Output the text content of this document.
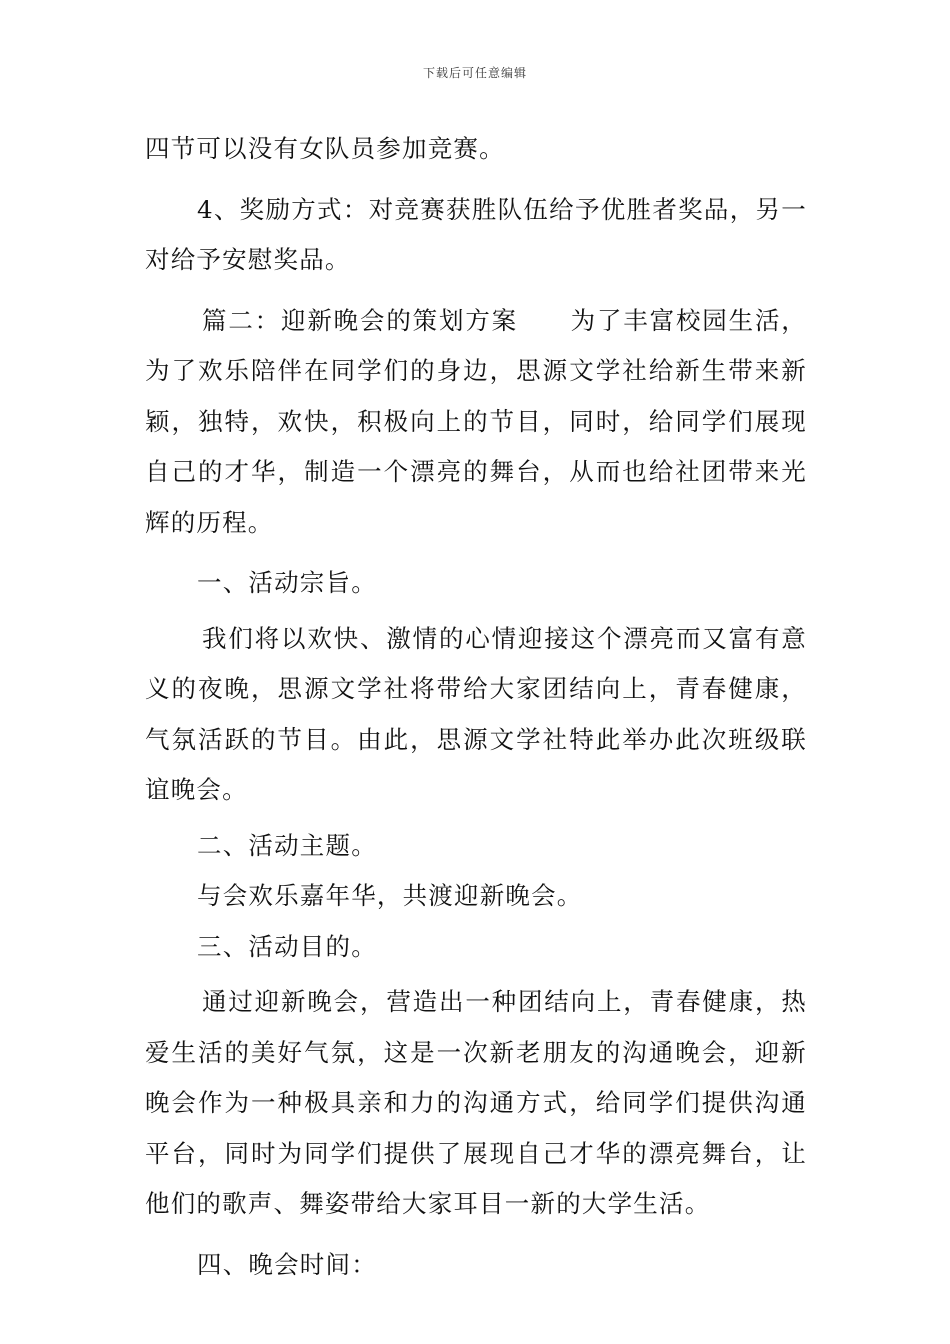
下载后可任意编辑

四节可以没有女队员参加竞赛。

4、奖励方式：对竞赛获胜队伍给予优胜者奖品，另一对给予安慰奖品。

篇二：迎新晚会的策划方案　　为了丰富校园生活，为了欢乐陪伴在同学们的身边，思源文学社给新生带来新颖，独特，欢快，积极向上的节目，同时，给同学们展现自己的才华，制造一个漂亮的舞台，从而也给社团带来光辉的历程。

一、活动宗旨。

我们将以欢快、激情的心情迎接这个漂亮而又富有意义的夜晚，思源文学社将带给大家团结向上，青春健康，气氛活跃的节目。由此，思源文学社特此举办此次班级联谊晚会。

二、活动主题。

与会欢乐嘉年华，共渡迎新晚会。

三、活动目的。

通过迎新晚会，营造出一种团结向上，青春健康，热爱生活的美好气氛，这是一次新老朋友的沟通晚会，迎新晚会作为一种极具亲和力的沟通方式，给同学们提供沟通平台，同时为同学们提供了展现自己才华的漂亮舞台，让他们的歌声、舞姿带给大家耳目一新的大学生活。

四、晚会时间：
